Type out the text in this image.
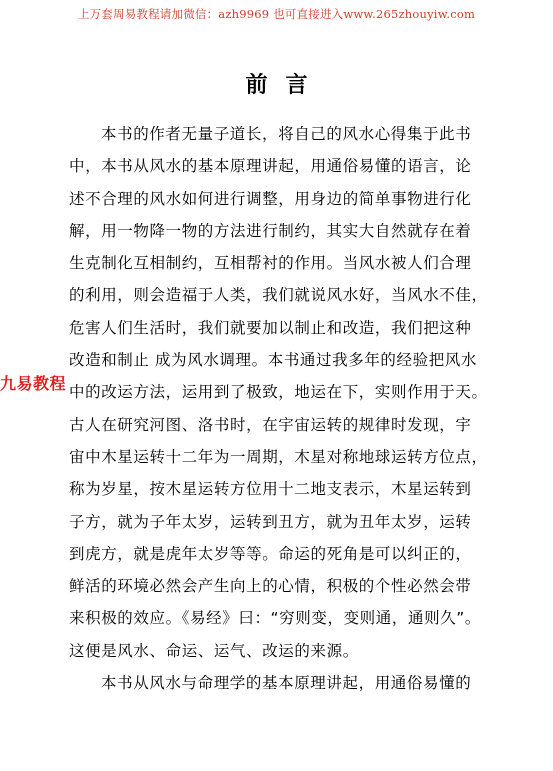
上万套周易教程请加微信：azh9969 也可直接进入www.265zhouyiw.com
前言
本书的作者无量子道长，将自己的风水心得集于此书
中，本书从风水的基本原理讲起，用通俗易懂的语言，论
述不合理的风水如何进行调整，用身边的简单事物进行化
解，用一物降一物的方法进行制约，其实大自然就存在着
生克制化互相制约，互相帮衬的作用。当风水被人们合理
的利用，则会造福于人类，我们就说风水好，当风水不佳，
危害人们生活时，我们就要加以制止和改造，我们把这种
改造和制止 成为风水调理。本书通过我多年的经验把风水
中的改运方法，运用到了极致，地运在下，实则作用于天。
古人在研究河图、洛书时，在宇宙运转的规律时发现，宇
宙中木星运转十二年为一周期，木星对称地球运转方位点，
称为岁星，按木星运转方位用十二地支表示，木星运转到
子方，就为子年太岁，运转到丑方，就为丑年太岁，运转
到虎方，就是虎年太岁等等。命运的死角是可以纠正的，
鲜活的环境必然会产生向上的心情，积极的个性必然会带
来积极的效应。《易经》曰：“穷则变，变则通，通则久”。
这便是风水、命运、运气、改运的来源。
本书从风水与命理学的基本原理讲起，用通俗易懂的
九易教程
